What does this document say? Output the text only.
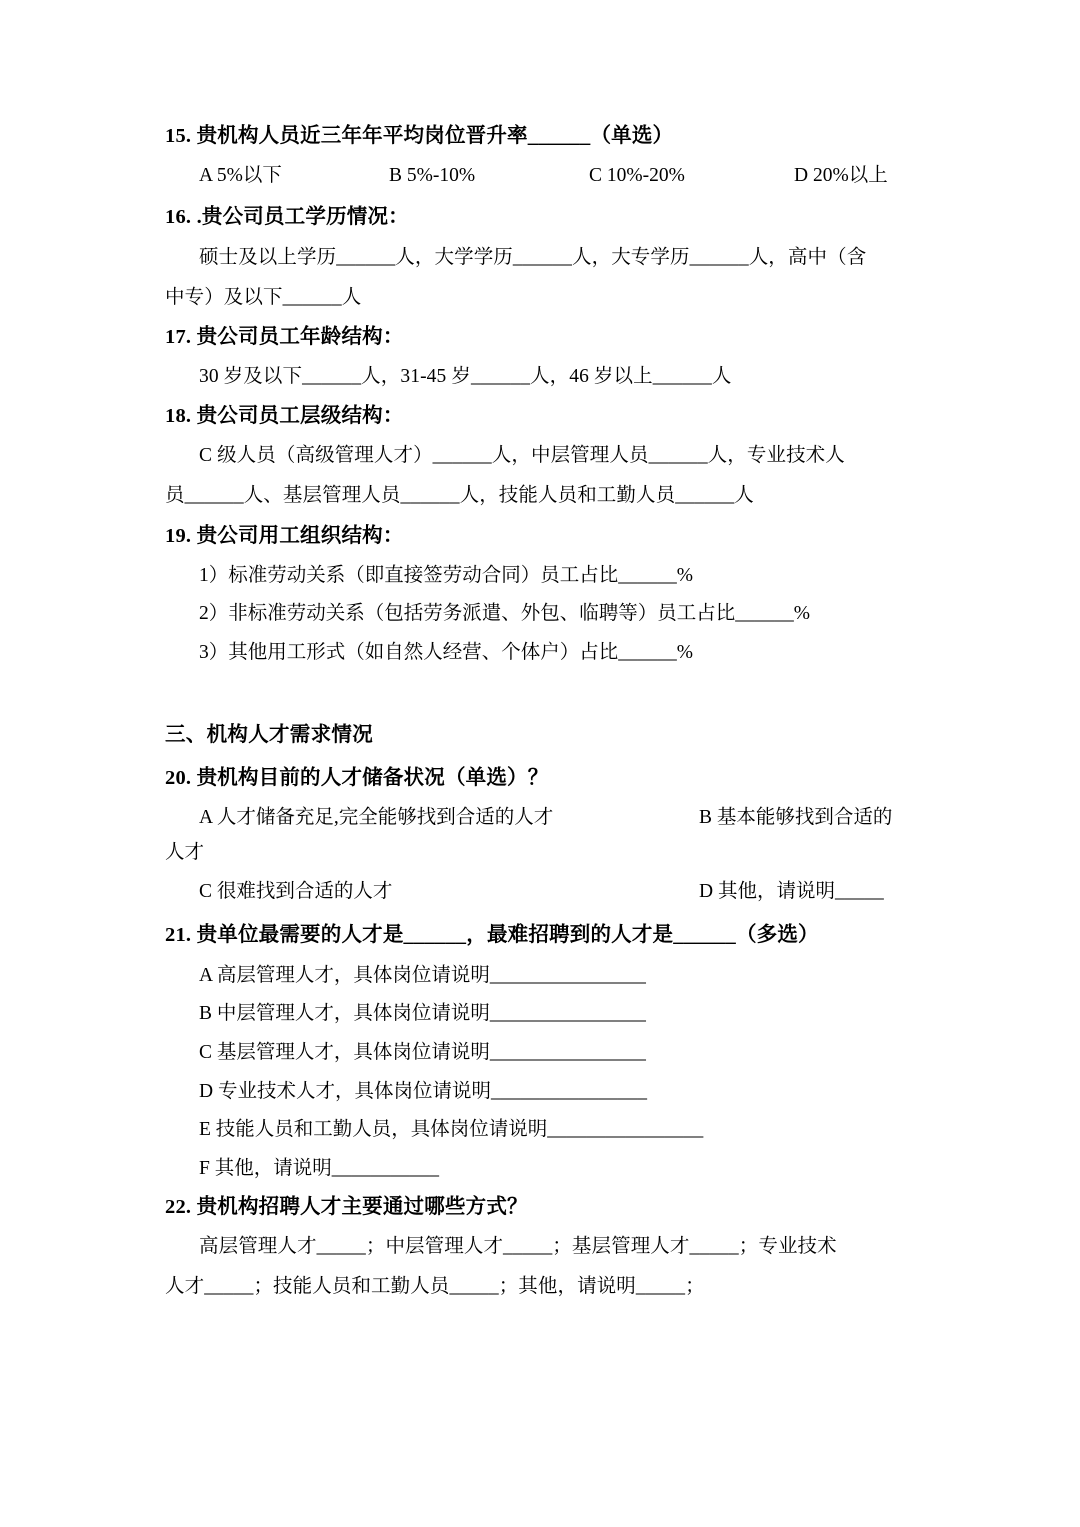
15. 贵机构人员近三年年平均岗位晋升率______（单选）

A 5%以下	B 5%-10%	C 10%-20%	D 20%以上

16. .贵公司员工学历情况：

硕士及以上学历______人，大学学历______人，大专学历______人，高中（含

中专）及以下______人

17. 贵公司员工年龄结构：

30 岁及以下______人，31-45 岁______人，46 岁以上______人

18. 贵公司员工层级结构：

C 级人员（高级管理人才）______人，中层管理人员______人，专业技术人

员______人、基层管理人员______人，技能人员和工勤人员______人

19. 贵公司用工组织结构：

1）标准劳动关系（即直接签劳动合同）员工占比______%

2）非标准劳动关系（包括劳务派遣、外包、临聘等）员工占比______%

3）其他用工形式（如自然人经营、个体户）占比______%

三、机构人才需求情况

20. 贵机构目前的人才储备状况（单选）？

A 人才储备充足,完全能够找到合适的人才	B 基本能够找到合适的

人才

C 很难找到合适的人才	D 其他，请说明_____

21. 贵单位最需要的人才是______，最难招聘到的人才是______（多选）

A 高层管理人才，具体岗位请说明________________

B 中层管理人才，具体岗位请说明________________

C 基层管理人才，具体岗位请说明________________

D 专业技术人才，具体岗位请说明________________

E 技能人员和工勤人员，具体岗位请说明________________

F 其他，请说明___________

22. 贵机构招聘人才主要通过哪些方式？

高层管理人才_____；中层管理人才_____；基层管理人才_____；专业技术

人才_____；技能人员和工勤人员_____；其他，请说明_____；
